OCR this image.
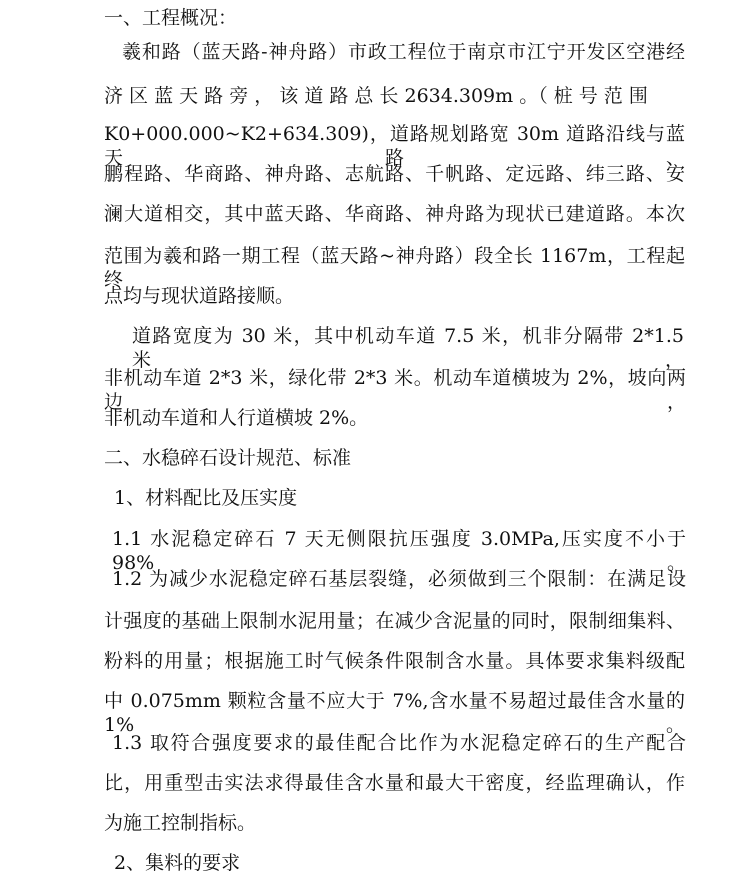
一、工程概况：
羲和路（蓝天路-神舟路）市政工程位于南京市江宁开发区空港经
济 区 蓝 天 路 旁 ， 该 道 路 总 长 2634.309m 。（ 桩 号 范 围
K0+000.000~K2+634.309)，道路规划路宽 30m 道路沿线与蓝天路、
鹏程路、华商路、神舟路、志航路、千帆路、定远路、纬三路、安
澜大道相交，其中蓝天路、华商路、神舟路为现状已建道路。本次
范围为羲和路一期工程（蓝天路~神舟路）段全长 1167m，工程起终
点均与现状道路接顺。
道路宽度为 30 米，其中机动车道 7.5 米，机非分隔带 2*1.5 米，
非机动车道 2*3 米，绿化带 2*3 米。机动车道横坡为 2%，坡向两边，
非机动车道和人行道横坡 2%。
二、水稳碎石设计规范、标准
1、材料配比及压实度
1.1 水泥稳定碎石 7 天无侧限抗压强度 3.0MPa,压实度不小于 98%。
1.2 为减少水泥稳定碎石基层裂缝，必须做到三个限制：在满足设
计强度的基础上限制水泥用量；在减少含泥量的同时，限制细集料、
粉料的用量；根据施工时气候条件限制含水量。具体要求集料级配
中 0.075mm 颗粒含量不应大于 7%,含水量不易超过最佳含水量的 1%。
1.3 取符合强度要求的最佳配合比作为水泥稳定碎石的生产配合
比，用重型击实法求得最佳含水量和最大干密度，经监理确认，作
为施工控制指标。
2、集料的要求
